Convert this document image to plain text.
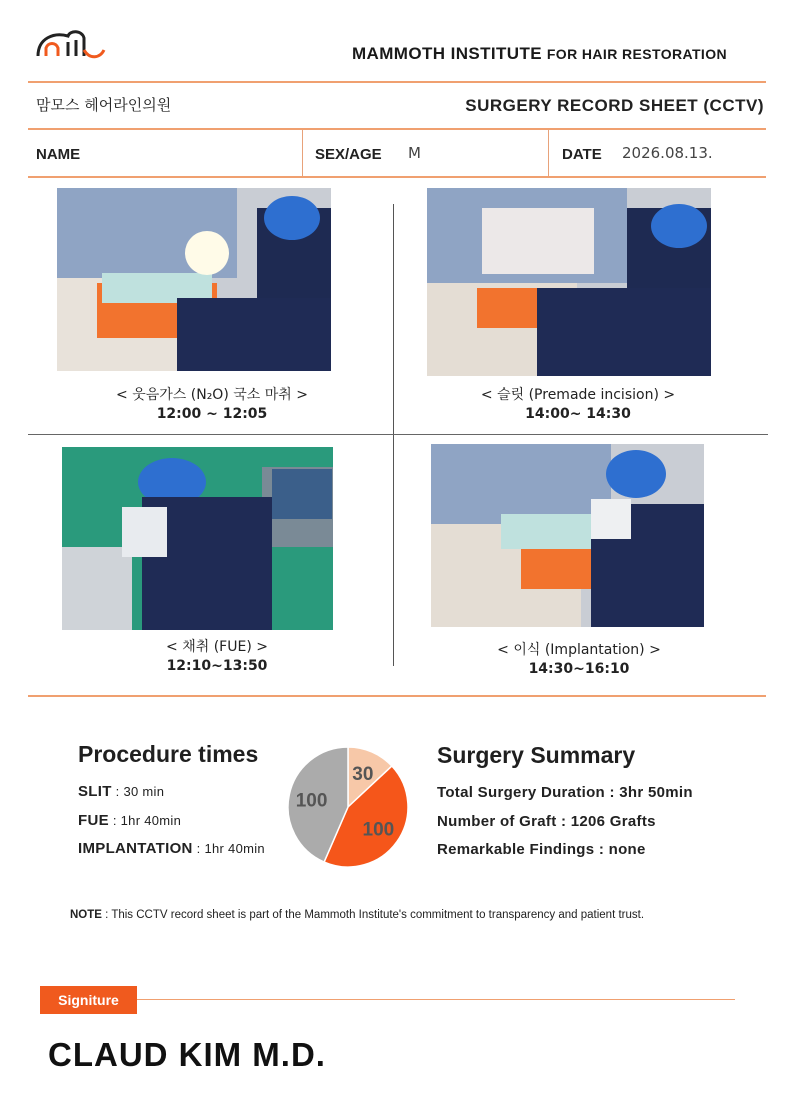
MAMMOTH INSTITUTE FOR HAIR RESTORATION
맘모스 헤어라인의원	SURGERY RECORD SHEET (CCTV)
NAME	SEX/AGE M	DATE 2026.08.13.
< 웃음가스 (N₂O) 국소 마취 >
12:00 ~ 12:05
< 슬릿 (Premade incision) >
14:00~ 14:30
< 채취 (FUE) >
12:10~13:50
< 이식 (Implantation) >
14:30~16:10
Procedure times
SLIT : 30 min
FUE : 1hr 40min
IMPLANTATION : 1hr 40min
30
100
100
Surgery Summary
Total Surgery Duration : 3hr 50min
Number of Graft : 1206 Grafts
Remarkable Findings : none
NOTE : This CCTV record sheet is part of the Mammoth Institute's commitment to transparency and patient trust.
Signiture
CLAUD KIM M.D.
